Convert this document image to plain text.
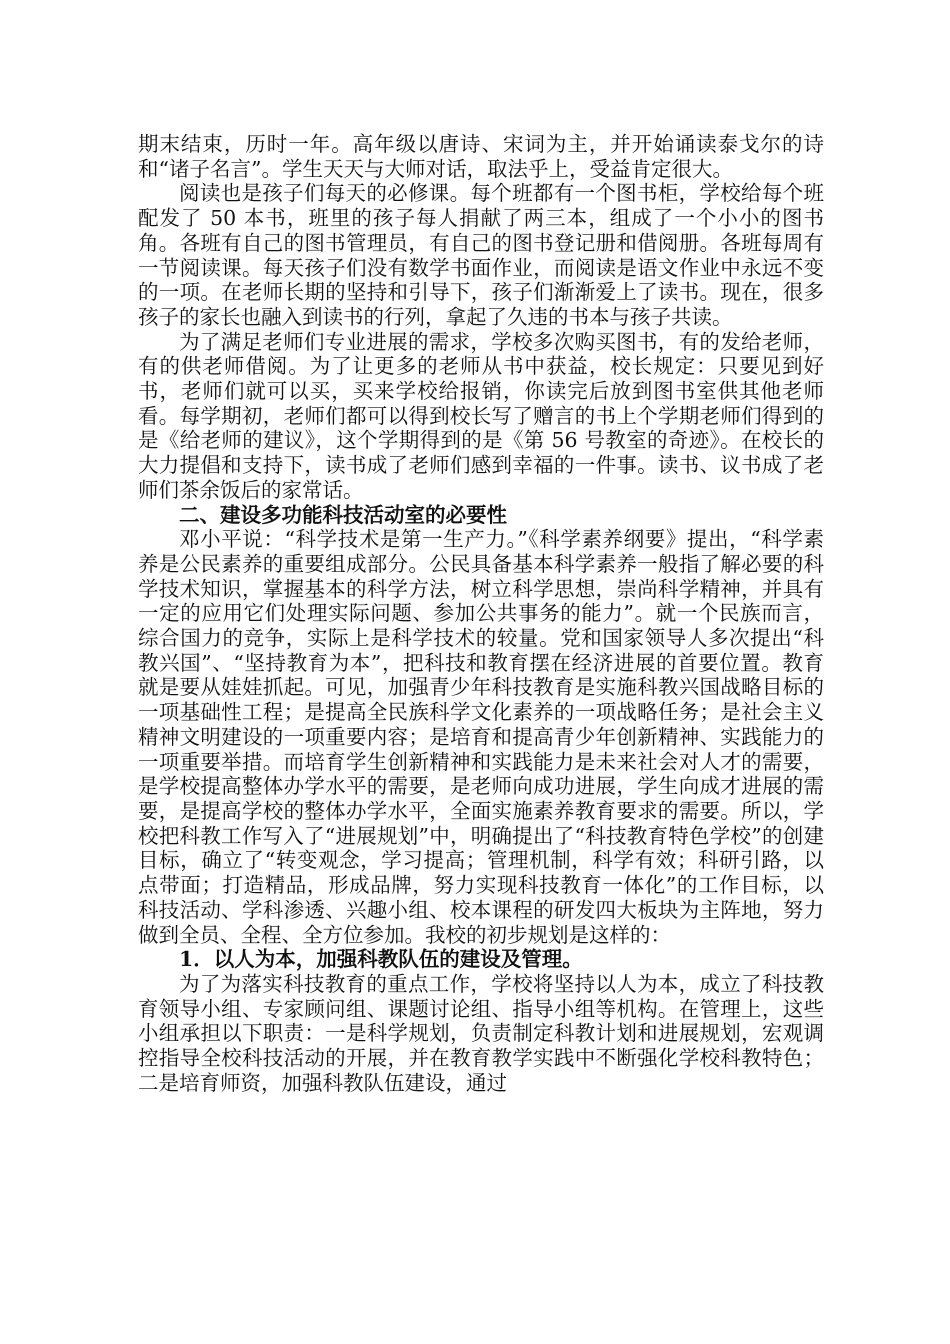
期末结束，历时一年。高年级以唐诗、宋词为主，并开始诵读泰戈尔的诗和“诸子名言”。学生天天与大师对话，取法乎上，受益肯定很大。

阅读也是孩子们每天的必修课。每个班都有一个图书柜，学校给每个班配发了 50 本书，班里的孩子每人捐献了两三本，组成了一个小小的图书角。各班有自己的图书管理员，有自己的图书登记册和借阅册。各班每周有一节阅读课。每天孩子们没有数学书面作业，而阅读是语文作业中永远不变的一项。在老师长期的坚持和引导下，孩子们渐渐爱上了读书。现在，很多孩子的家长也融入到读书的行列，拿起了久违的书本与孩子共读。

为了满足老师们专业进展的需求，学校多次购买图书，有的发给老师，有的供老师借阅。为了让更多的老师从书中获益，校长规定：只要见到好书，老师们就可以买，买来学校给报销，你读完后放到图书室供其他老师看。每学期初，老师们都可以得到校长写了赠言的书上个学期老师们得到的是《给老师的建议》，这个学期得到的是《第 56 号教室的奇迹》。在校长的大力提倡和支持下，读书成了老师们感到幸福的一件事。读书、议书成了老师们茶余饭后的家常话。

二、建设多功能科技活动室的必要性

邓小平说：“科学技术是第一生产力。”《科学素养纲要》提出，“科学素养是公民素养的重要组成部分。公民具备基本科学素养一般指了解必要的科学技术知识，掌握基本的科学方法，树立科学思想，崇尚科学精神，并具有一定的应用它们处理实际问题、参加公共事务的能力”。就一个民族而言，综合国力的竞争，实际上是科学技术的较量。党和国家领导人多次提出“科教兴国”、“坚持教育为本”，把科技和教育摆在经济进展的首要位置。教育就是要从娃娃抓起。可见，加强青少年科技教育是实施科教兴国战略目标的一项基础性工程；是提高全民族科学文化素养的一项战略任务；是社会主义精神文明建设的一项重要内容；是培育和提高青少年创新精神、实践能力的一项重要举措。而培育学生创新精神和实践能力是未来社会对人才的需要，是学校提高整体办学水平的需要，是老师向成功进展，学生向成才进展的需要，是提高学校的整体办学水平，全面实施素养教育要求的需要。所以，学校把科教工作写入了“进展规划”中，明确提出了“科技教育特色学校”的创建目标，确立了“转变观念，学习提高；管理机制，科学有效；科研引路，以点带面；打造精品，形成品牌，努力实现科技教育一体化”的工作目标，以科技活动、学科渗透、兴趣小组、校本课程的研发四大板块为主阵地，努力做到全员、全程、全方位参加。我校的初步规划是这样的：

1．以人为本，加强科教队伍的建设及管理。

为了为落实科技教育的重点工作，学校将坚持以人为本，成立了科技教育领导小组、专家顾问组、课题讨论组、指导小组等机构。在管理上，这些小组承担以下职责：一是科学规划，负责制定科教计划和进展规划，宏观调控指导全校科技活动的开展，并在教育教学实践中不断强化学校科教特色；二是培育师资，加强科教队伍建设，通过
